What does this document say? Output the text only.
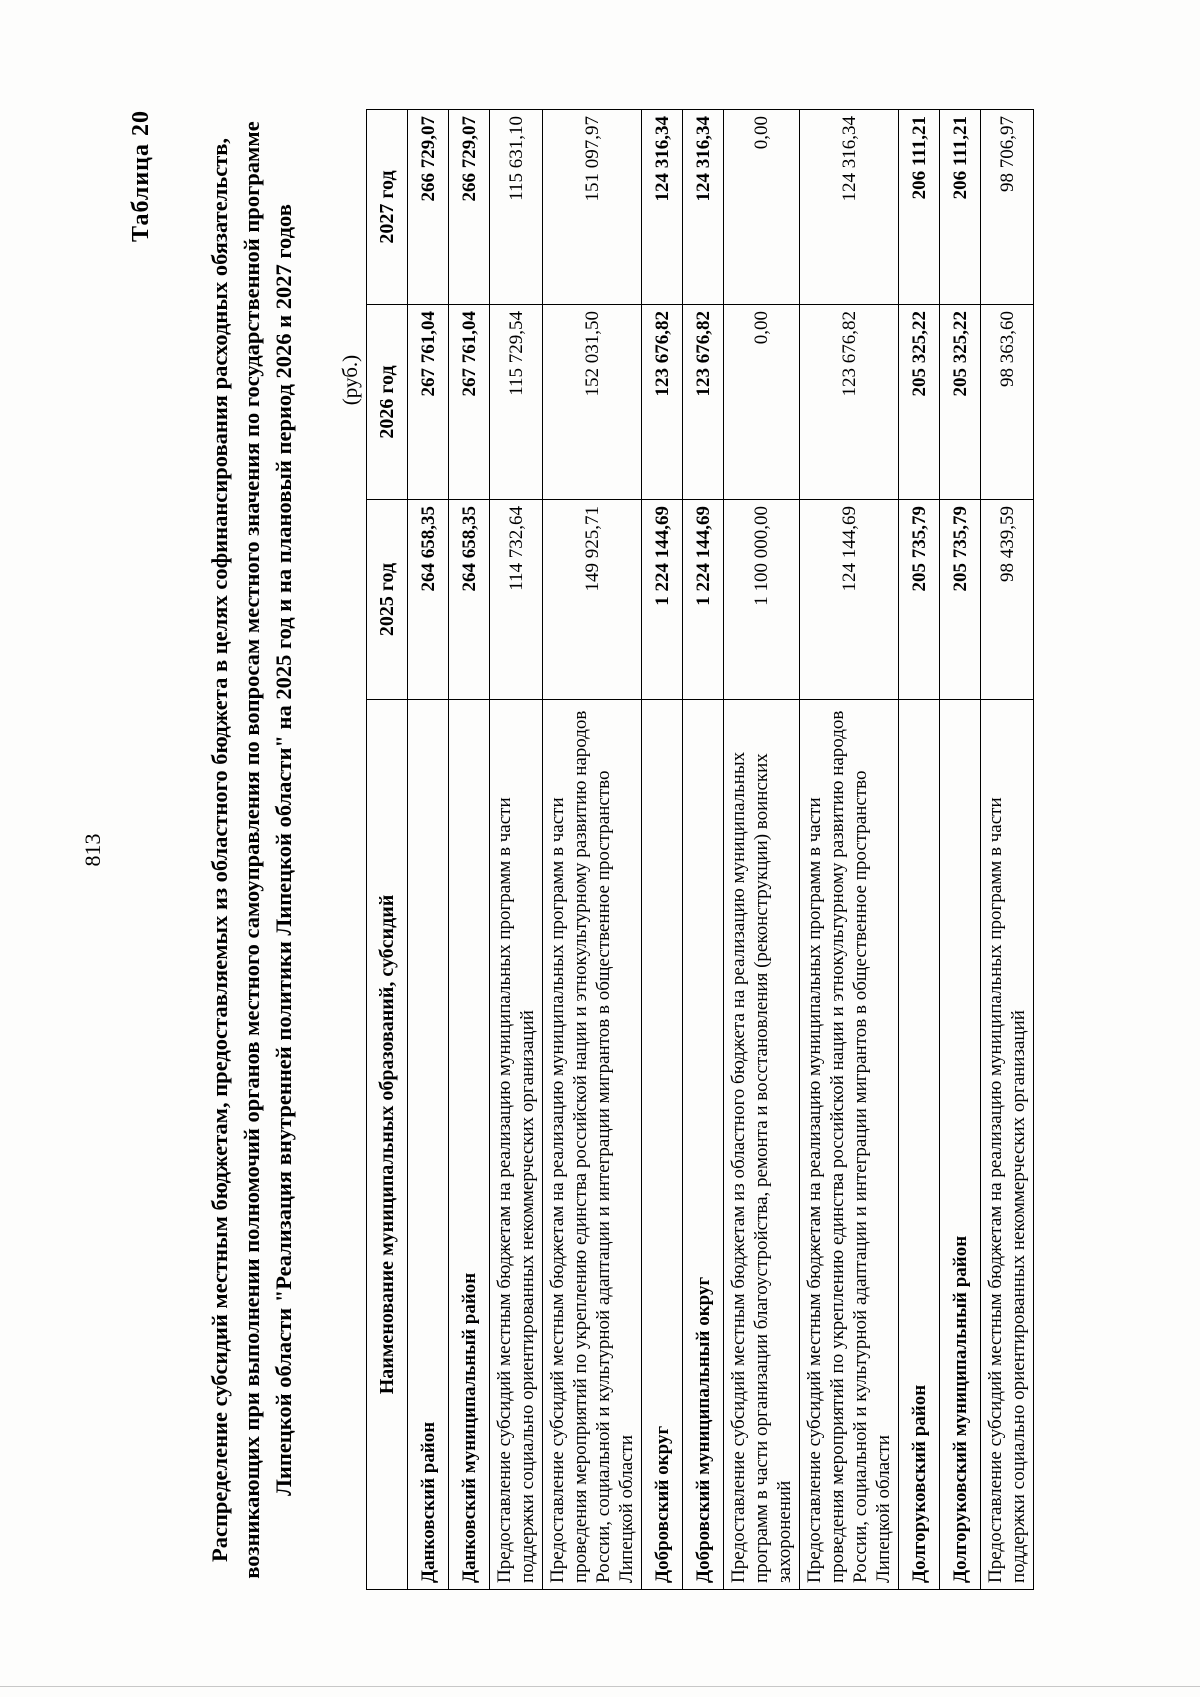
813
Таблица 20 Распределение субсидий местным бюджетам, предоставляемых из областного бюджета в целях софинансирования расходных обязательств, возникающих при выполнении полномочий органов местного самоуправления по вопросам местного значения по государственной программе Липецкой области "Реализация внутренней политики Липецкой области" на 2025 год и на плановый период 2026 и 2027 годов (руб.)
Наименование муниципальных образований, субсидий	2025 год	2026 год	2027 год
Данковский район	264 658,35	267 761,04	266 729,07
Данковский муниципальный район	264 658,35	267 761,04	266 729,07
Предоставление субсидий местным бюджетам на реализацию муниципальных программ в части поддержки социально ориентированных некоммерческих организаций	114 732,64	115 729,54	115 631,10
Предоставление субсидий местным бюджетам на реализацию муниципальных программ в части проведения мероприятий по укреплению единства российской нации и этнокультурному развитию народов России, социальной и культурной адаптации и интеграции мигрантов в общественное пространство Липецкой области	149 925,71	152 031,50	151 097,97
Добровский округ	1 224 144,69	123 676,82	124 316,34
Добровский муниципальный округ	1 224 144,69	123 676,82	124 316,34
Предоставление субсидий местным бюджетам из областного бюджета на реализацию муниципальных программ в части организации благоустройства, ремонта и восстановления (реконструкции) воинских захоронений	1 100 000,00	0,00	0,00
Предоставление субсидий местным бюджетам на реализацию муниципальных программ в части проведения мероприятий по укреплению единства российской нации и этнокультурному развитию народов России, социальной и культурной адаптации и интеграции мигрантов в общественное пространство Липецкой области	124 144,69	123 676,82	124 316,34
Долгоруковский район	205 735,79	205 325,22	206 111,21
Долгоруковский муниципальный район	205 735,79	205 325,22	206 111,21
Предоставление субсидий местным бюджетам на реализацию муниципальных программ в части поддержки социально ориентированных некоммерческих организаций	98 439,59	98 363,60	98 706,97
